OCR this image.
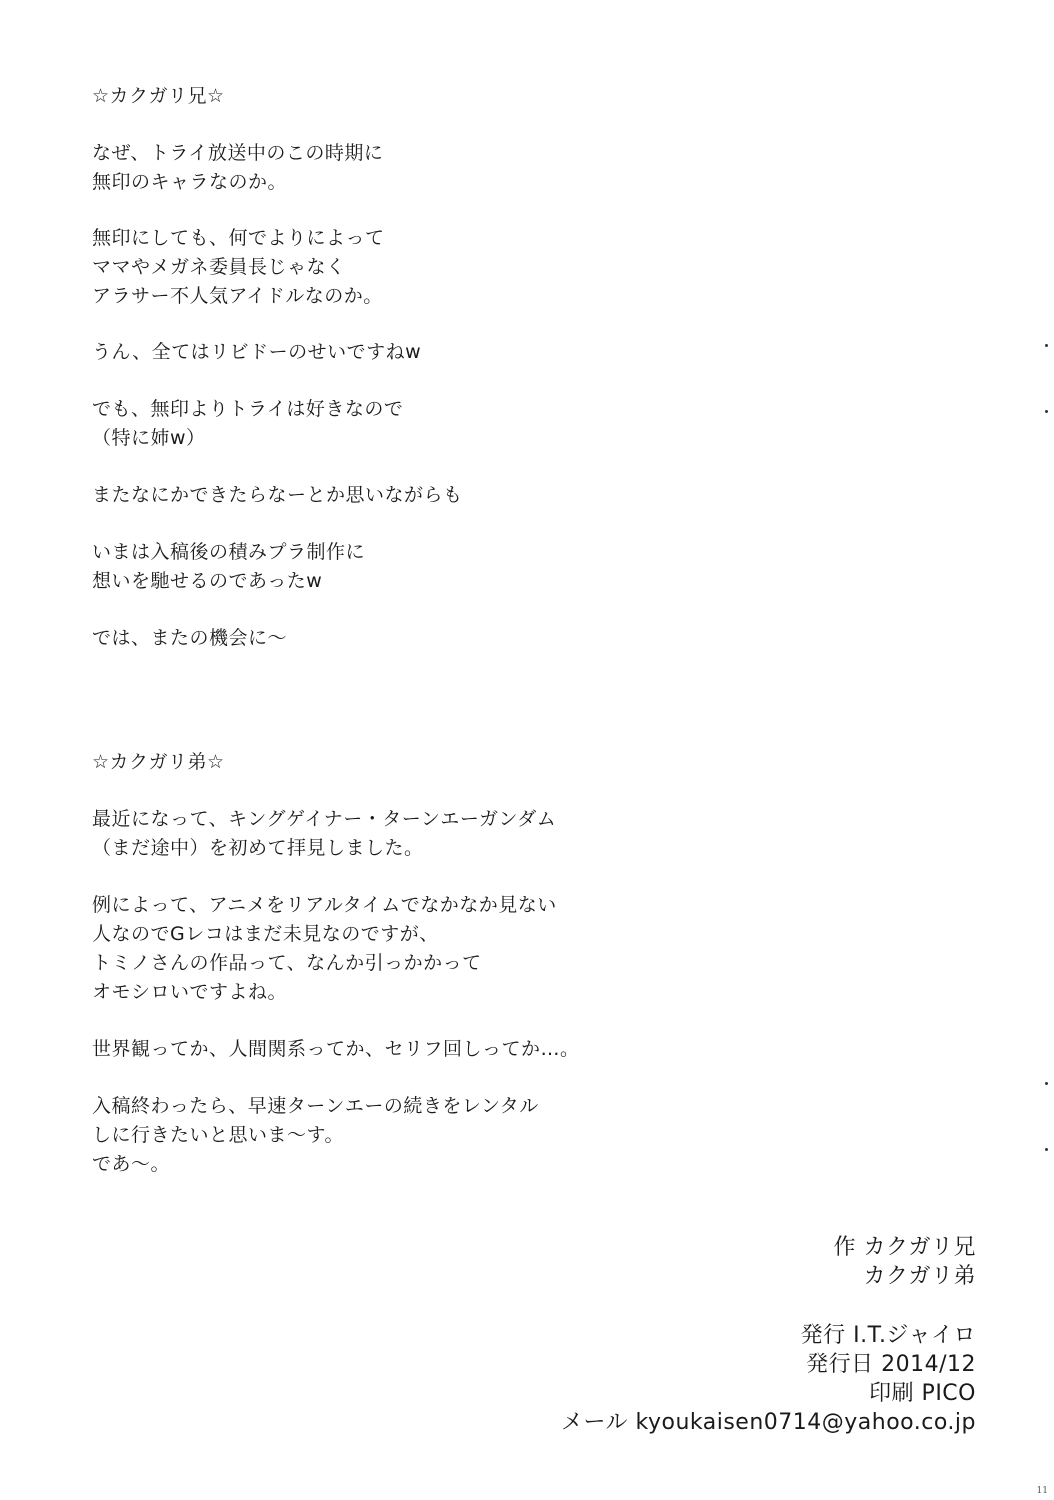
☆カクガリ兄☆
なぜ、トライ放送中のこの時期に
無印のキャラなのか。
無印にしても、何でよりによって
ママやメガネ委員長じゃなく
アラサー不人気アイドルなのか。
うん、全てはリビドーのせいですねw
でも、無印よりトライは好きなので
（特に姉w）
またなにかできたらなーとか思いながらも
いまは入稿後の積みプラ制作に
想いを馳せるのであったw
では、またの機会に～
☆カクガリ弟☆
最近になって、キングゲイナー・ターンエーガンダム
（まだ途中）を初めて拝見しました。
例によって、アニメをリアルタイムでなかなか見ない
人なのでGレコはまだ未見なのですが、
トミノさんの作品って、なんか引っかかって
オモシロいですよね。
世界観ってか、人間関系ってか、セリフ回しってか…。
入稿終わったら、早速ターンエーの続きをレンタル
しに行きたいと思いま～す。
であ～。
作 カクガリ兄
カクガリ弟
発行 I.T.ジャイロ
発行日 2014/12
印刷 PICO
メール kyoukaisen0714@yahoo.co.jp
11
